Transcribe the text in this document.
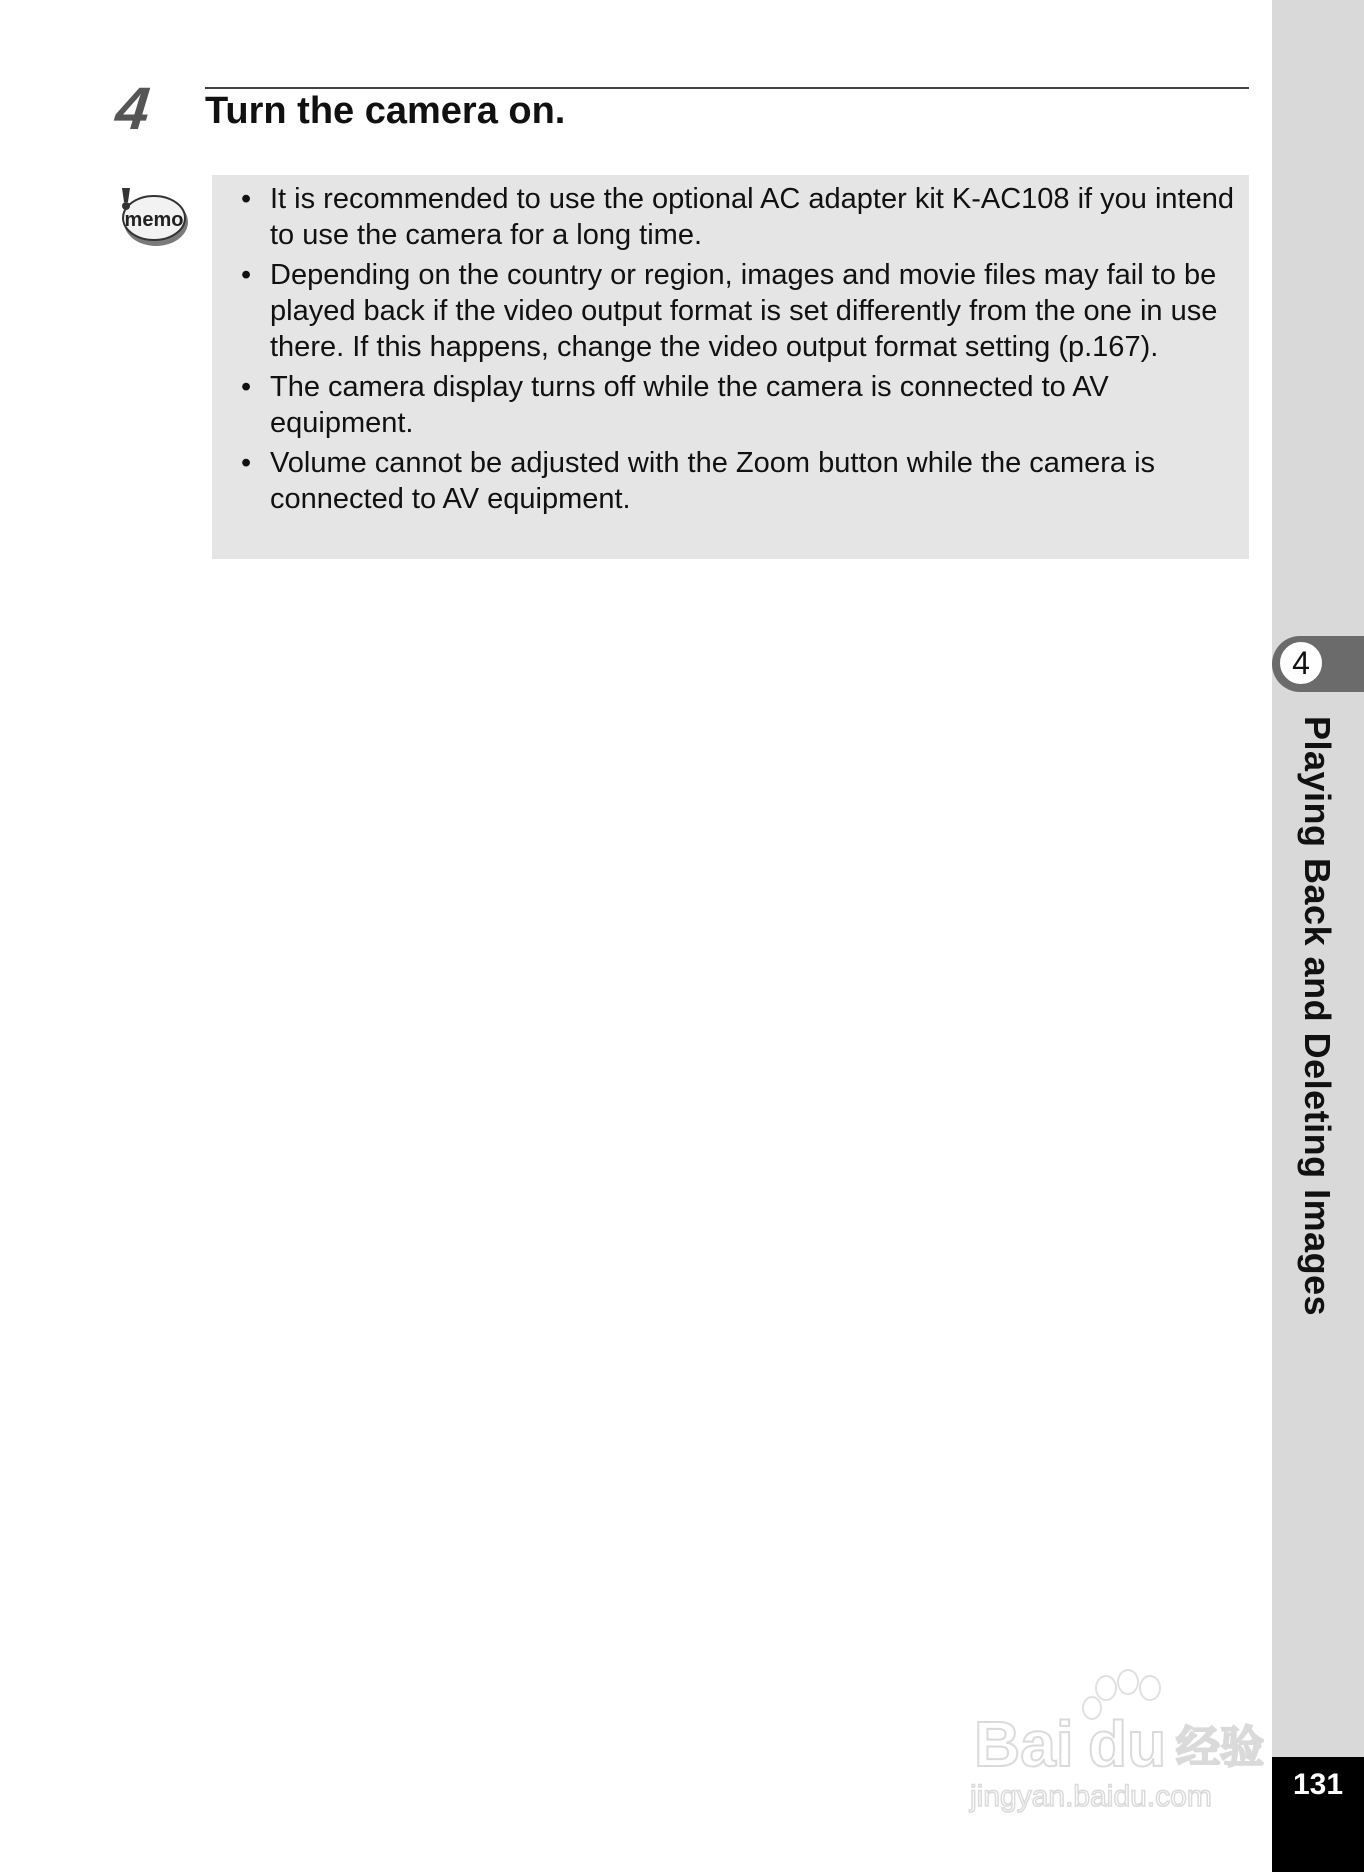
4 Turn the camera on.
memo
• It is recommended to use the optional AC adapter kit K-AC108 if you intend to use the camera for a long time.
• Depending on the country or region, images and movie files may fail to be played back if the video output format is set differently from the one in use there. If this happens, change the video output format setting (p.167).
• The camera display turns off while the camera is connected to AV equipment.
• Volume cannot be adjusted with the Zoom button while the camera is connected to AV equipment.
4
Playing Back and Deleting Images
131
Bai du 经验
jingyan.baidu.com
